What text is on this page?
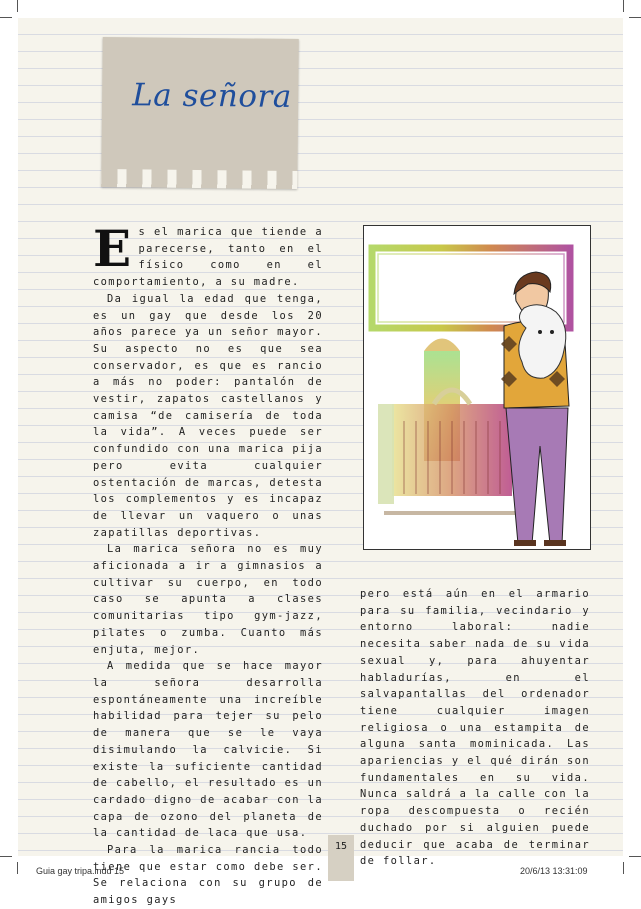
La señora

Es el marica que tiende a parecerse, tanto en el físico como en el comportamiento, a su madre.

Da igual la edad que tenga, es un gay que desde los 20 años parece ya un señor mayor. Su aspecto no es que sea conservador, es que es rancio a más no poder: pantalón de vestir, zapatos castellanos y camisa “de camisería de toda la vida”. A veces puede ser confundido con una marica pija pero evita cualquier ostentación de marcas, detesta los complementos y es incapaz de llevar un vaquero o unas zapatillas deportivas.

La marica señora no es muy aficionada a ir a gimnasios a cultivar su cuerpo, en todo caso se apunta a clases comunitarias tipo gym-jazz, pilates o zumba. Cuanto más enjuta, mejor.

A medida que se hace mayor la señora desarrolla espontáneamente una increíble habilidad para tejer su pelo de manera que se le vaya disimulando la calvicie. Si existe la suficiente cantidad de cabello, el resultado es un cardado digno de acabar con la capa de ozono del planeta de la cantidad de laca que usa.

Para la marica rancia todo tiene que estar como debe ser. Se relaciona con su grupo de amigos gays

pero está aún en el armario para su familia, vecindario y entorno laboral: nadie necesita saber nada de su vida sexual y, para ahuyentar habladurías, en el salvapantallas del ordenador tiene cualquier imagen religiosa o una estampita de alguna santa mominicada. Las apariencias y el qué dirán son fundamentales en su vida. Nunca saldrá a la calle con la ropa descompuesta o recién duchado por si alguien puede deducir que acaba de terminar de follar.

15
Guia gay tripa.indd 15	20/6/13 13:31:09
